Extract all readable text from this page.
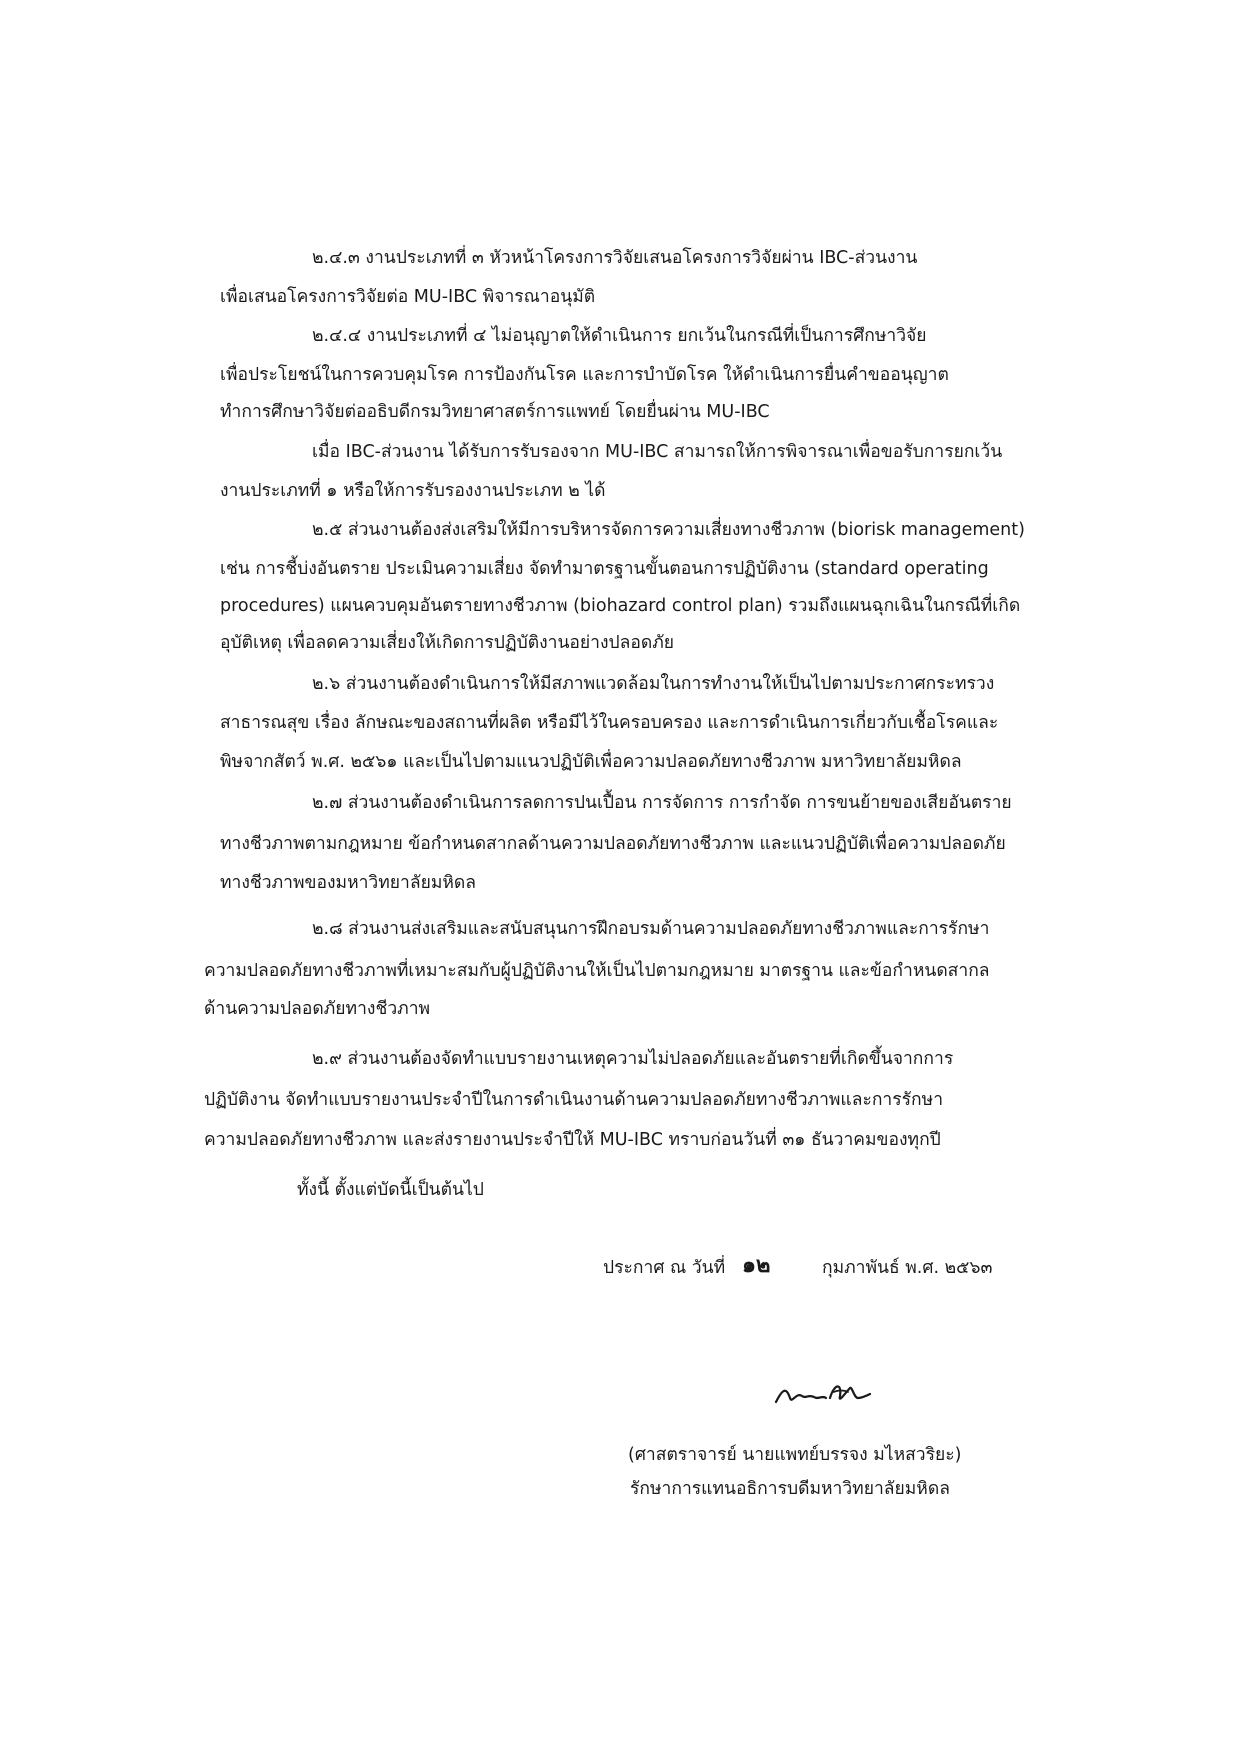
๒.๔.๓ งานประเภทที่ ๓ หัวหน้าโครงการวิจัยเสนอโครงการวิจัยผ่าน IBC-ส่วนงาน
เพื่อเสนอโครงการวิจัยต่อ MU-IBC พิจารณาอนุมัติ
๒.๔.๔ งานประเภทที่ ๔ ไม่อนุญาตให้ดำเนินการ ยกเว้นในกรณีที่เป็นการศึกษาวิจัย
เพื่อประโยชน์ในการควบคุมโรค การป้องกันโรค และการบำบัดโรค ให้ดำเนินการยื่นคำขออนุญาต
ทำการศึกษาวิจัยต่ออธิบดีกรมวิทยาศาสตร์การแพทย์ โดยยื่นผ่าน MU-IBC
เมื่อ IBC-ส่วนงาน ได้รับการรับรองจาก MU-IBC สามารถให้การพิจารณาเพื่อขอรับการยกเว้น
งานประเภทที่ ๑ หรือให้การรับรองงานประเภท ๒ ได้
๒.๕ ส่วนงานต้องส่งเสริมให้มีการบริหารจัดการความเสี่ยงทางชีวภาพ (biorisk management)
เช่น การชี้บ่งอันตราย ประเมินความเสี่ยง จัดทำมาตรฐานขั้นตอนการปฏิบัติงาน (standard operating
procedures) แผนควบคุมอันตรายทางชีวภาพ (biohazard control plan) รวมถึงแผนฉุกเฉินในกรณีที่เกิด
อุบัติเหตุ เพื่อลดความเสี่ยงให้เกิดการปฏิบัติงานอย่างปลอดภัย
๒.๖ ส่วนงานต้องดำเนินการให้มีสภาพแวดล้อมในการทำงานให้เป็นไปตามประกาศกระทรวง
สาธารณสุข เรื่อง ลักษณะของสถานที่ผลิต หรือมีไว้ในครอบครอง และการดำเนินการเกี่ยวกับเชื้อโรคและ
พิษจากสัตว์ พ.ศ. ๒๕๖๑ และเป็นไปตามแนวปฏิบัติเพื่อความปลอดภัยทางชีวภาพ มหาวิทยาลัยมหิดล
๒.๗ ส่วนงานต้องดำเนินการลดการปนเปื้อน การจัดการ การกำจัด การขนย้ายของเสียอันตราย
ทางชีวภาพตามกฎหมาย ข้อกำหนดสากลด้านความปลอดภัยทางชีวภาพ และแนวปฏิบัติเพื่อความปลอดภัย
ทางชีวภาพของมหาวิทยาลัยมหิดล
๒.๘ ส่วนงานส่งเสริมและสนับสนุนการฝึกอบรมด้านความปลอดภัยทางชีวภาพและการรักษา
ความปลอดภัยทางชีวภาพที่เหมาะสมกับผู้ปฏิบัติงานให้เป็นไปตามกฎหมาย มาตรฐาน และข้อกำหนดสากล
ด้านความปลอดภัยทางชีวภาพ
๒.๙ ส่วนงานต้องจัดทำแบบรายงานเหตุความไม่ปลอดภัยและอันตรายที่เกิดขึ้นจากการ
ปฏิบัติงาน จัดทำแบบรายงานประจำปีในการดำเนินงานด้านความปลอดภัยทางชีวภาพและการรักษา
ความปลอดภัยทางชีวภาพ และส่งรายงานประจำปีให้ MU-IBC ทราบก่อนวันที่ ๓๑ ธันวาคมของทุกปี
ทั้งนี้ ตั้งแต่บัดนี้เป็นต้นไป
ประกาศ ณ วันที่ ๑๒	กุมภาพันธ์ พ.ศ. ๒๕๖๓
(ศาสตราจารย์ นายแพทย์บรรจง มไหสวริยะ)
รักษาการแทนอธิการบดีมหาวิทยาลัยมหิดล
